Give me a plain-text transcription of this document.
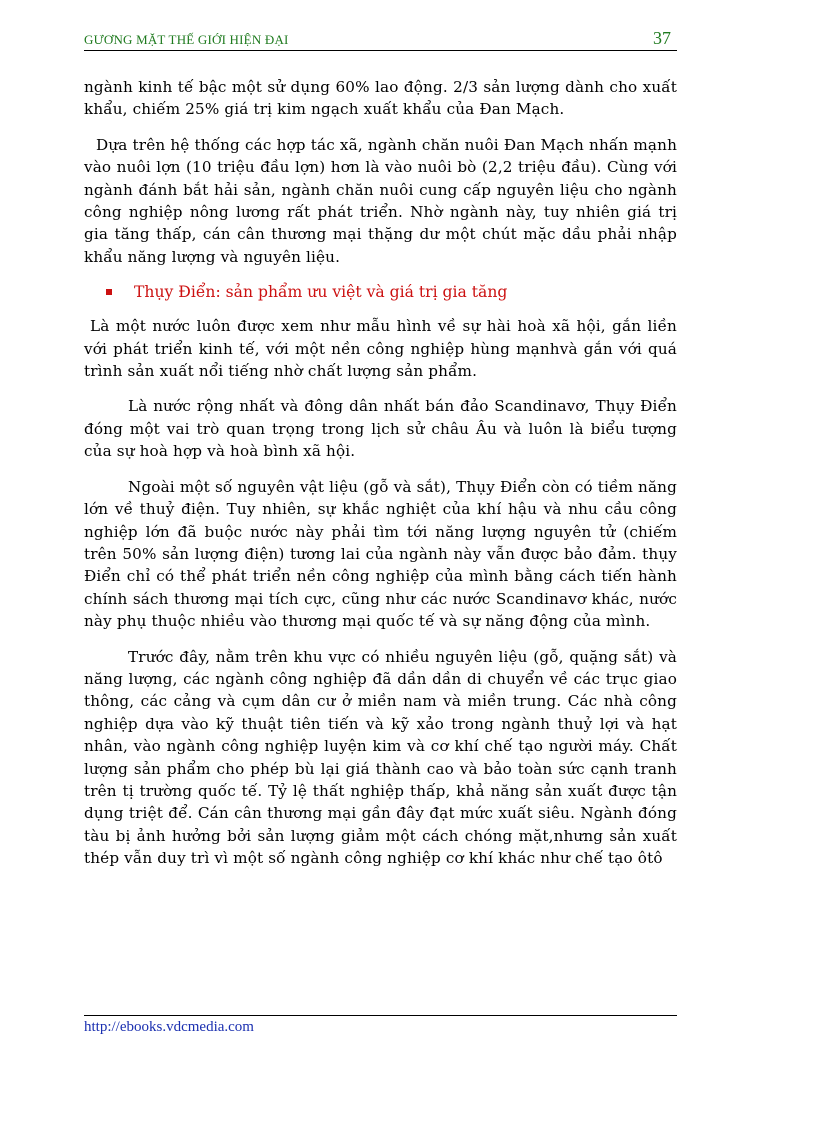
GƯƠNG MẶT THẾ GIỚI HIỆN ĐẠI	37

ngành kinh tế bậc một sử dụng 60% lao động. 2/3 sản lượng dành cho xuất khẩu, chiếm 25% giá trị kim ngạch xuất khẩu của Đan Mạch.

Dựa trên hệ thống các hợp tác xã, ngành chăn nuôi Đan Mạch nhấn mạnh vào nuôi lợn (10 triệu đầu lợn) hơn là vào nuôi bò (2,2 triệu đầu). Cùng với ngành đánh bắt hải sản, ngành chăn nuôi cung cấp nguyên liệu cho ngành công nghiệp nông lương rất phát triển. Nhờ ngành này, tuy nhiên giá trị gia tăng thấp, cán cân thương mại thặng dư một chút mặc dầu phải nhập khẩu năng lượng và nguyên liệu.

Thụy Điển: sản phẩm ưu việt và giá trị gia tăng

Là một nước luôn được xem như mẫu hình về sự hài hoà xã hội, gắn liền với phát triển kinh tế, với một nền công nghiệp hùng mạnhvà gắn với quá trình sản xuất nổi tiếng nhờ chất lượng sản phẩm.

Là nước rộng nhất và đông dân nhất bán đảo Scandinavơ, Thụy Điển đóng một vai trò quan trọng trong lịch sử châu Âu và luôn là biểu tượng của sự hoà hợp và hoà bình xã hội.

Ngoài một số nguyên vật liệu (gỗ và sắt), Thụy Điển còn có tiềm năng lớn về thuỷ điện. Tuy nhiên, sự khắc nghiệt của khí hậu và nhu cầu công nghiệp lớn đã buộc nước này phải tìm tới năng lượng nguyên tử (chiếm trên 50% sản lượng điện) tương lai của ngành này vẫn được bảo đảm. thụy Điển chỉ có thể phát triển nền công nghiệp của mình bằng cách tiến hành chính sách thương mại tích cực, cũng như các nước Scandinavơ khác, nước này phụ thuộc nhiều vào thương mại quốc tế và sự năng động của mình.

Trước đây, nằm trên khu vực có nhiều nguyên liệu (gỗ, quặng sắt) và năng lượng, các ngành công nghiệp đã dần dần di chuyển về các trục giao thông, các cảng và cụm dân cư ở miền nam và miền trung. Các nhà công nghiệp dựa vào kỹ thuật tiên tiến và kỹ xảo trong ngành thuỷ lợi và hạt nhân, vào ngành công nghiệp luyện kim và cơ khí chế tạo người máy. Chất lượng sản phẩm cho phép bù lại giá thành cao và bảo toàn sức cạnh tranh trên tị trường quốc tế. Tỷ lệ thất nghiệp thấp, khả năng sản xuất được tận dụng triệt để. Cán cân thương mại gần đây đạt mức xuất siêu. Ngành đóng tàu bị ảnh hưởng bởi sản lượng giảm một cách chóng mặt,nhưng sản xuất thép vẫn duy trì vì một số ngành công nghiệp cơ khí khác như chế tạo ôtô

http://ebooks.vdcmedia.com
